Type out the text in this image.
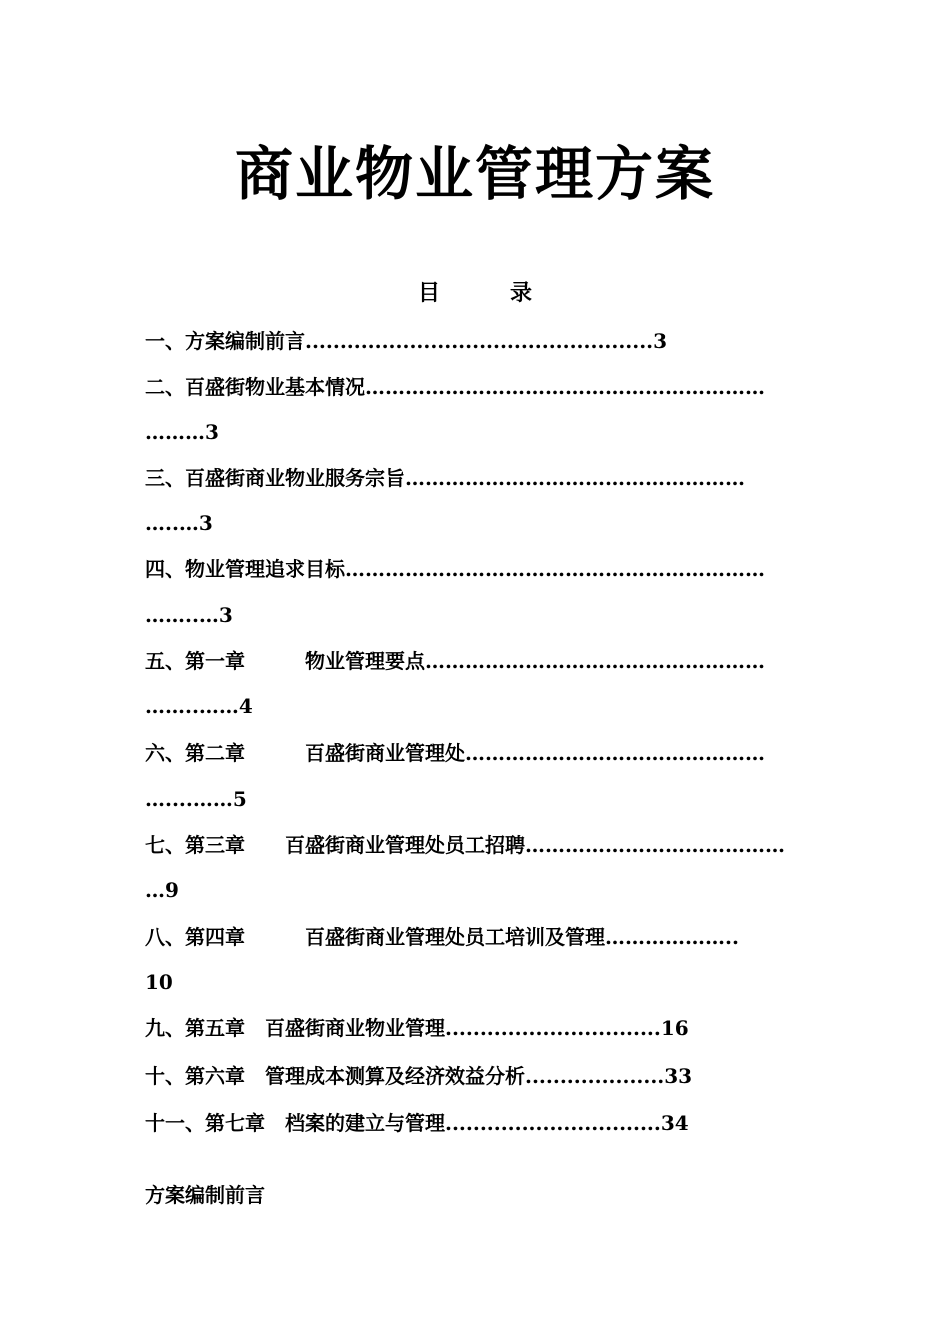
商业物业管理方案
目	录
一、方案编制前言..................................................3
二、百盛街物业基本情况……………………………………………………
………3
三、百盛街商业物业服务宗旨……………………………………………
…..…3
四、物业管理追求目标………………………………………………………
……..…3
五、第一章　　　物业管理要点……………………………………………
……..……4
六、第二章　　　百盛街商业管理处………………………………………
…....……5
七、第三章　　百盛街商业管理处员工招聘…………………………………
…9
八、第四章　　　百盛街商业管理处员工培训及管理………………..
10
九、第五章　百盛街商业物业管理...............................16
十、第六章　管理成本测算及经济效益分析....................33
十一、第七章　档案的建立与管理...............................34
方案编制前言
